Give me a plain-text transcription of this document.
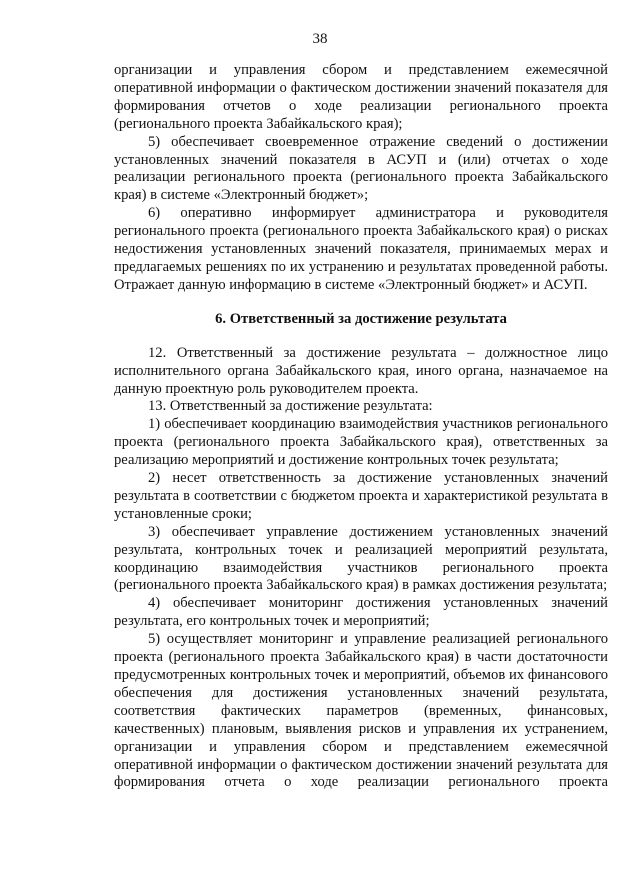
38

организации и управления сбором и представлением ежемесячной оперативной информации о фактическом достижении значений показателя для формирования отчетов о ходе реализации регионального проекта (регионального проекта Забайкальского края);

5) обеспечивает своевременное отражение сведений о достижении установленных значений показателя в АСУП и (или) отчетах о ходе реализации регионального проекта (регионального проекта Забайкальского края) в системе «Электронный бюджет»;

6) оперативно информирует администратора и руководителя регионального проекта (регионального проекта Забайкальского края) о рисках недостижения установленных значений показателя, принимаемых мерах и предлагаемых решениях по их устранению и результатах проведенной работы. Отражает данную информацию в системе «Электронный бюджет» и АСУП.

6. Ответственный за достижение результата

12. Ответственный за достижение результата – должностное лицо исполнительного органа Забайкальского края, иного органа, назначаемое на данную проектную роль руководителем проекта.

13. Ответственный за достижение результата:

1) обеспечивает координацию взаимодействия участников регионального проекта (регионального проекта Забайкальского края), ответственных за реализацию мероприятий и достижение контрольных точек результата;

2) несет ответственность за достижение установленных значений результата в соответствии с бюджетом проекта и характеристикой результата в установленные сроки;

3) обеспечивает управление достижением установленных значений результата, контрольных точек и реализацией мероприятий результата, координацию взаимодействия участников регионального проекта (регионального проекта Забайкальского края) в рамках достижения результата;

4) обеспечивает мониторинг достижения установленных значений результата, его контрольных точек и мероприятий;

5) осуществляет мониторинг и управление реализацией регионального проекта (регионального проекта Забайкальского края) в части достаточности предусмотренных контрольных точек и мероприятий, объемов их финансового обеспечения для достижения установленных значений результата, соответствия фактических параметров (временных, финансовых, качественных) плановым, выявления рисков и управления их устранением, организации и управления сбором и представлением ежемесячной оперативной информации о фактическом достижении значений результата для формирования отчета о ходе реализации регионального проекта
